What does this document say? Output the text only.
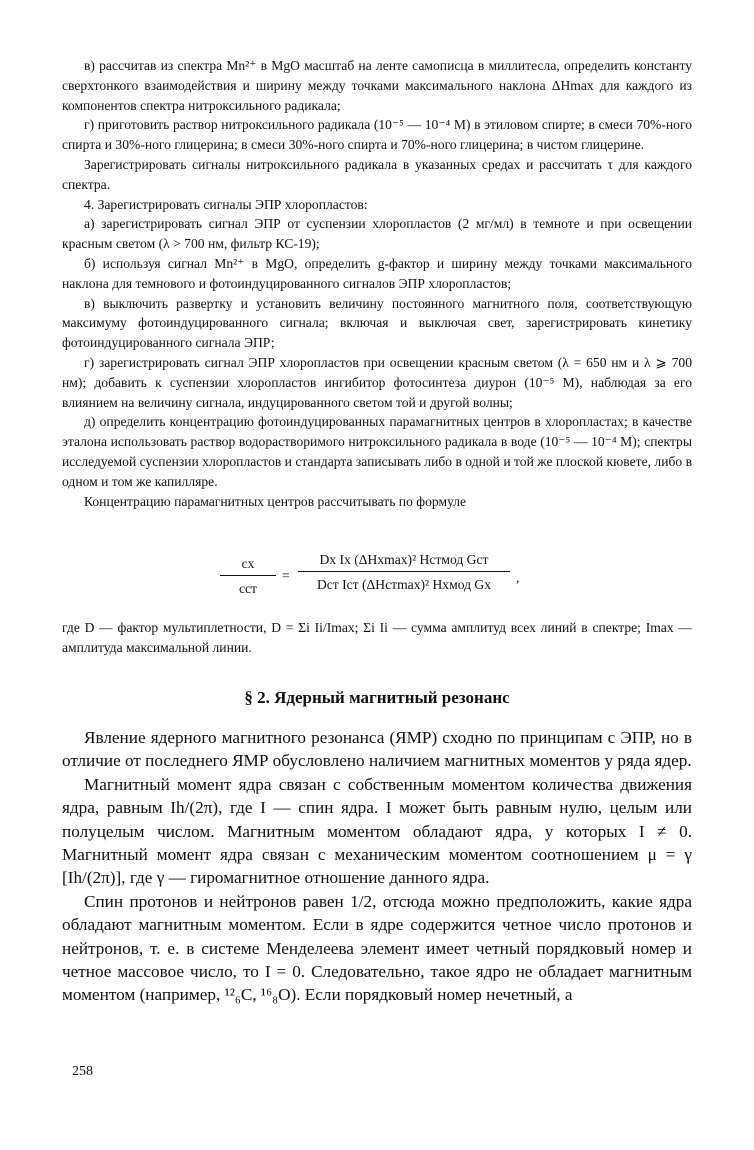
в) рассчитав из спектра Mn²⁺ в MgO масштаб на ленте самописца в миллитесла, определить константу сверхтонкого взаимодействия и ширину между точками максимального наклона ΔHmax для каждого из компонентов спектра нитроксильного радикала;

г) приготовить раствор нитроксильного радикала (10⁻⁵ — 10⁻⁴ М) в этиловом спирте; в смеси 70%-ного спирта и 30%-ного глицерина; в смеси 30%-ного спирта и 70%-ного глицерина; в чистом глицерине.

Зарегистрировать сигналы нитроксильного радикала в указанных средах и рассчитать τ для каждого спектра.

4. Зарегистрировать сигналы ЭПР хлоропластов:

а) зарегистрировать сигнал ЭПР от суспензии хлоропластов (2 мг/мл) в темноте и при освещении красным светом (λ > 700 нм, фильтр КС-19);

б) используя сигнал Mn²⁺ в MgO, определить g-фактор и ширину между точками максимального наклона для темнового и фотоиндуцированного сигналов ЭПР хлоропластов;

в) выключить развертку и установить величину постоянного магнитного поля, соответствующую максимуму фотоиндуцированного сигнала; включая и выключая свет, зарегистрировать кинетику фотоиндуцированного сигнала ЭПР;

г) зарегистрировать сигнал ЭПР хлоропластов при освещении красным светом (λ = 650 нм и λ ⩾ 700 нм); добавить к суспензии хлоропластов ингибитор фотосинтеза диурон (10⁻⁵ М), наблюдая за его влиянием на величину сигнала, индуцированного светом той и другой волны;

д) определить концентрацию фотоиндуцированных парамагнитных центров в хлоропластах; в качестве эталона использовать раствор водорастворимого нитроксильного радикала в воде (10⁻⁵ — 10⁻⁴ М); спектры исследуемой суспензии хлоропластов и стандарта записывать либо в одной и той же плоской кювете, либо в одном и том же капилляре.

Концентрацию парамагнитных центров рассчитывать по формуле

cx
cст
=
Dx Ix (ΔHxmax)² Hстмод Gст
Dст Iст (ΔHстmax)² Hxмод Gx	,

где D — фактор мультиплетности, D = Σi Ii/Imax; Σi Ii — сумма амплитуд всех линий в спектре; Imax — амплитуда максимальной линии.

§ 2. Ядерный магнитный резонанс

Явление ядерного магнитного резонанса (ЯМР) сходно по принципам с ЭПР, но в отличие от последнего ЯМР обусловлено наличием магнитных моментов у ряда ядер.

Магнитный момент ядра связан с собственным моментом количества движения ядра, равным Ih/(2π), где I — спин ядра. I может быть равным нулю, целым или полуцелым числом. Магнитным моментом обладают ядра, у которых I ≠ 0. Магнитный момент ядра связан с механическим моментом соотношением μ = γ [Ih/(2π)], где γ — гиромагнитное отношение данного ядра.

Спин протонов и нейтронов равен 1/2, отсюда можно предположить, какие ядра обладают магнитным моментом. Если в ядре содержится четное число протонов и нейтронов, т. е. в системе Менделеева элемент имеет четный порядковый номер и четное массовое число, то I = 0. Следовательно, такое ядро не обладает магнитным моментом (например, ¹²₆C, ¹⁶₈O). Если порядковый номер нечетный, а

258
